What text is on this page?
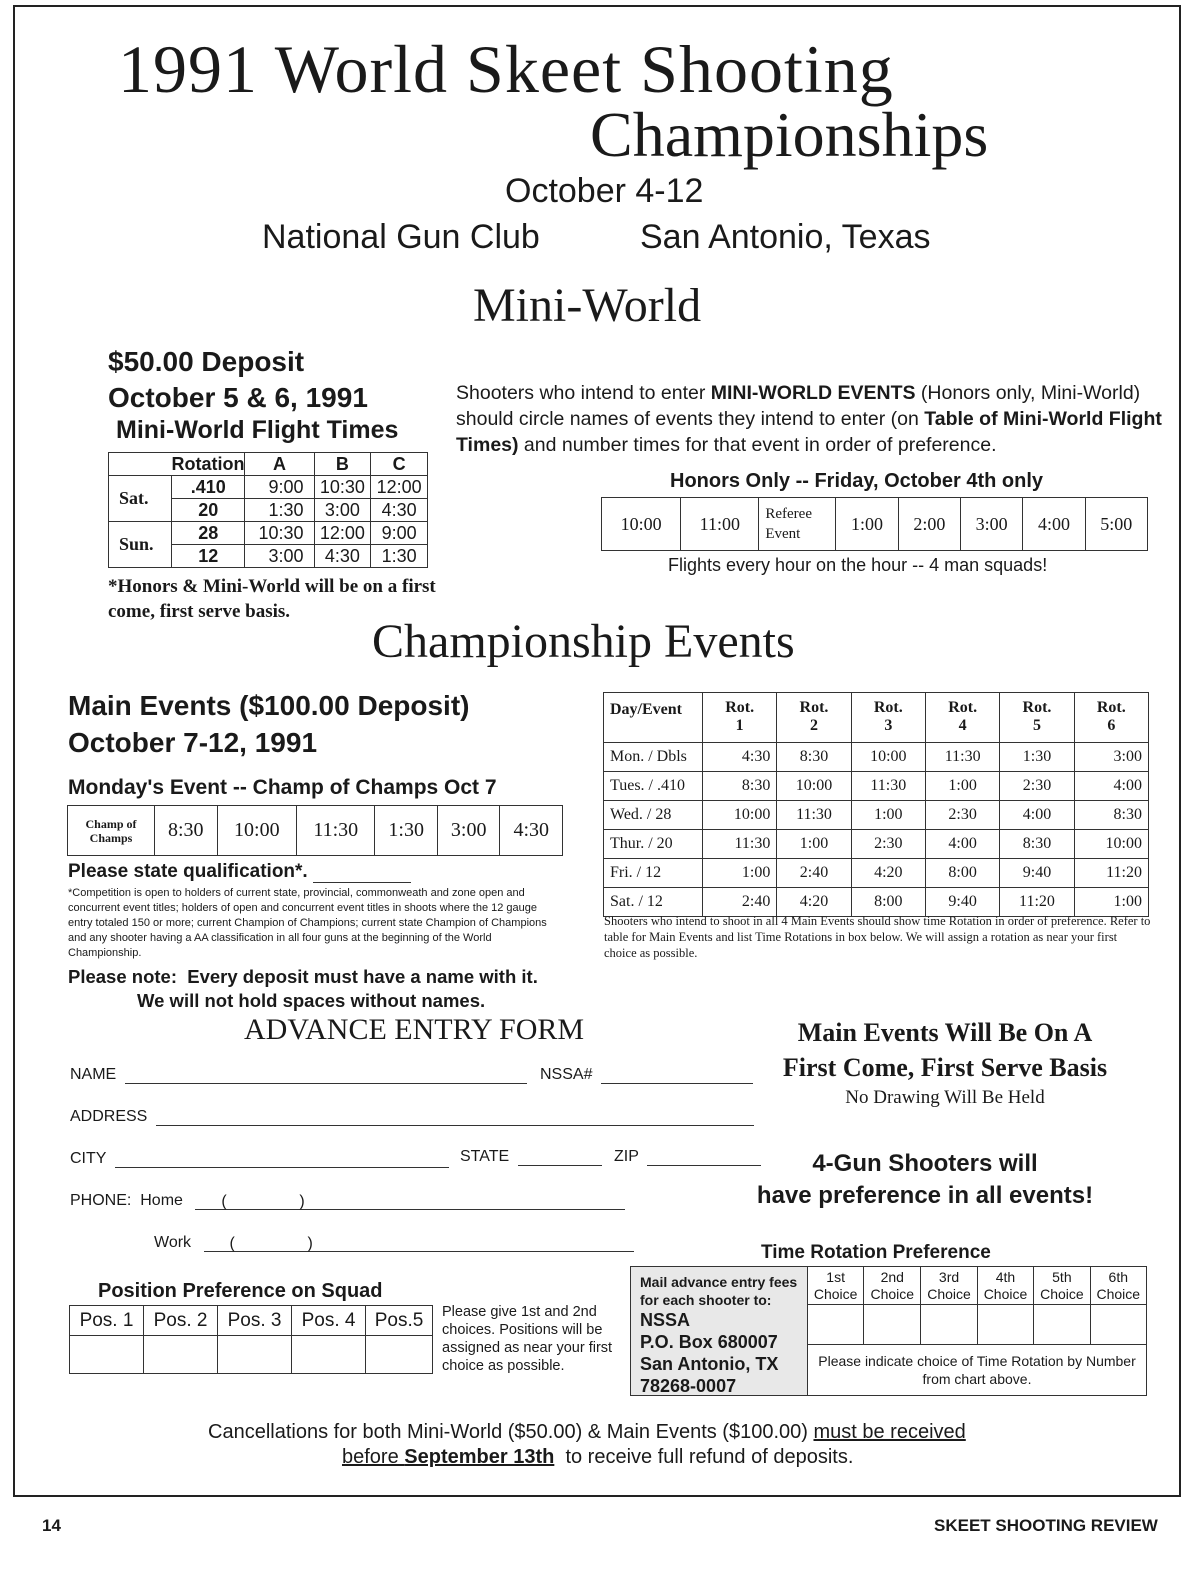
1991 World Skeet Shooting
Championships
October 4-12
National Gun Club	San Antonio, Texas
Mini-World
$50.00 Deposit
October 5 & 6, 1991
Mini-World Flight Times
	Rotation	A	B	C
Sat.	.410	9:00	10:30	12:00
	20	1:30	3:00	4:30
Sun.	28	10:30	12:00	9:00
	12	3:00	4:30	1:30
*Honors & Mini-World will be on a first come, first serve basis.
Shooters who intend to enter MINI-WORLD EVENTS (Honors only, Mini-World) should circle names of events they intend to enter (on Table of Mini-World Flight Times) and number times for that event in order of preference.
Honors Only -- Friday, October 4th only
10:00	11:00	Referee Event	1:00	2:00	3:00	4:00	5:00
Flights every hour on the hour -- 4 man squads!
Championship Events
Main Events ($100.00 Deposit)
October 7-12, 1991
Monday's Event -- Champ of Champs Oct 7
Champ of Champs	8:30	10:00	11:30	1:30	3:00	4:30
Please state qualification*.
*Competition is open to holders of current state, provincial, commonweath and zone open and concurrent event titles; holders of open and concurrent event titles in shoots where the 12 gauge entry totaled 150 or more; current Champion of Champions; current state Champion of Champions and any shooter having a AA classification in all four guns at the beginning of the World Championship.
Please note:  Every deposit must have a name with it.
We will not hold spaces without names.
Day/Event	Rot. 1	Rot. 2	Rot. 3	Rot. 4	Rot. 5	Rot. 6
Mon. / Dbls	4:30	8:30	10:00	11:30	1:30	3:00
Tues. / .410	8:30	10:00	11:30	1:00	2:30	4:00
Wed. / 28	10:00	11:30	1:00	2:30	4:00	8:30
Thur. / 20	11:30	1:00	2:30	4:00	8:30	10:00
Fri. / 12	1:00	2:40	4:20	8:00	9:40	11:20
Sat. / 12	2:40	4:20	8:00	9:40	11:20	1:00
Shooters who intend to shoot in all 4 Main Events should show time Rotation in order of preference. Refer to table for Main Events and list Time Rotations in box below. We will assign a rotation as near your first choice as possible.
ADVANCE ENTRY FORM
NAME	NSSA#
ADDRESS
CITY	STATE	ZIP
PHONE:  Home (	)
Work (	)
Position Preference on Squad
Pos. 1	Pos. 2	Pos. 3	Pos. 4	Pos.5
				Please give 1st and 2nd choices. Positions will be assigned as near your first choice as possible.
Main Events Will Be On A
First Come, First Serve Basis
No Drawing Will Be Held
4-Gun Shooters will
have preference in all events!
Time Rotation Preference
Mail advance entry fees for each shooter to:
NSSA
P.O. Box 680007
San Antonio, TX
78268-0007
1st Choice	2nd Choice	3rd Choice	4th Choice	5th Choice	6th Choice

Please indicate choice of Time Rotation by Number from chart above.					
Cancellations for both Mini-World ($50.00) & Main Events ($100.00) must be received
before September 13th  to receive full refund of deposits.
14	SKEET SHOOTING REVIEW
